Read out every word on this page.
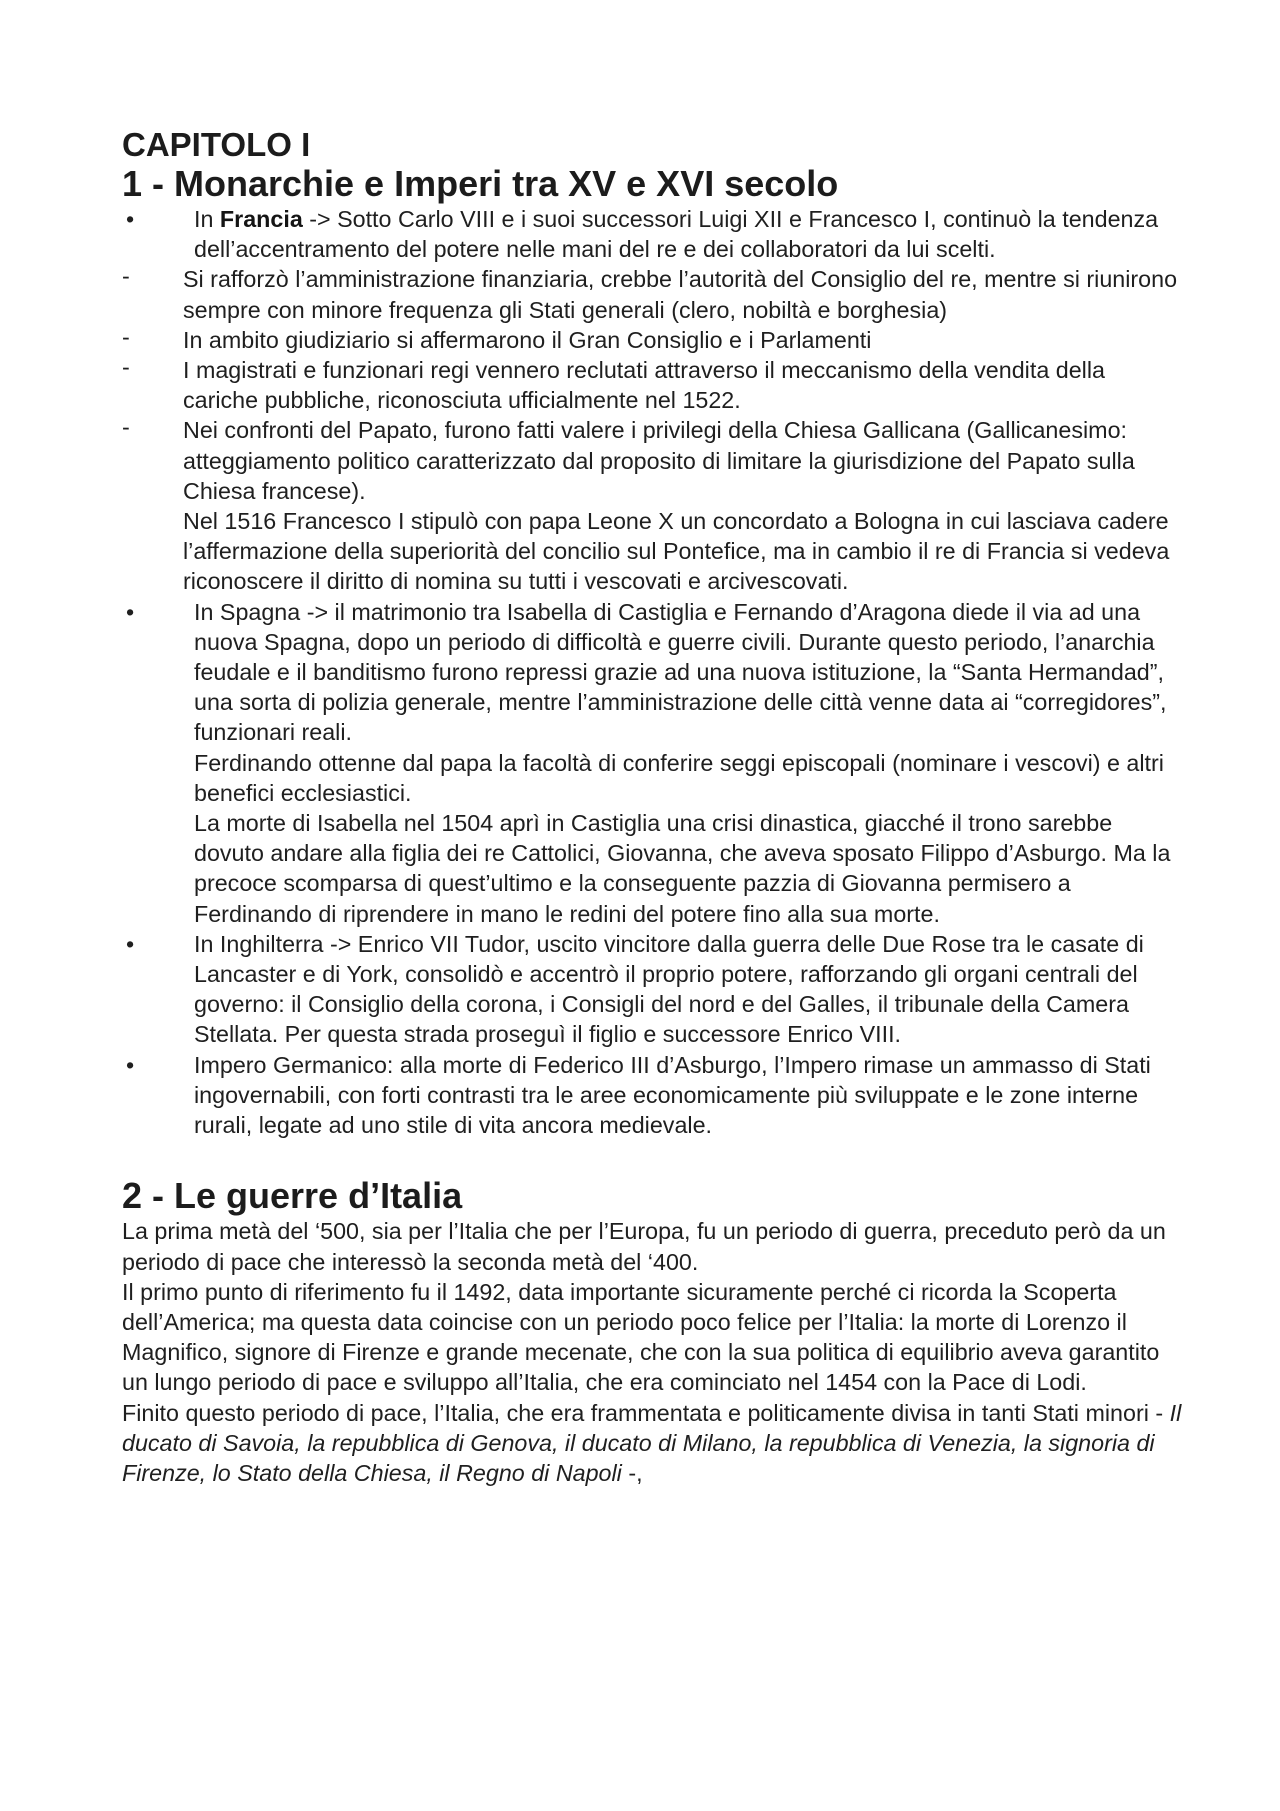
CAPITOLO I
1 - Monarchie e Imperi tra XV e XVI secolo
•	In Francia -> Sotto Carlo VIII e i suoi successori Luigi XII e Francesco I, continuò la tendenza dell’accentramento del potere nelle mani del re e dei collaboratori da lui scelti.
- Si rafforzò l’amministrazione finanziaria, crebbe l’autorità del Consiglio del re, mentre si riunirono sempre con minore frequenza gli Stati generali (clero, nobiltà e borghesia)
- In ambito giudiziario si affermarono il Gran Consiglio e i Parlamenti
- I magistrati e funzionari regi vennero reclutati attraverso il meccanismo della vendita della cariche pubbliche, riconosciuta ufficialmente nel 1522.
- Nei confronti del Papato, furono fatti valere i privilegi della Chiesa Gallicana (Gallicanesimo: atteggiamento politico caratterizzato dal proposito di limitare la giurisdizione del Papato sulla Chiesa francese).

Nel 1516 Francesco I stipulò con papa Leone X un concordato a Bologna in cui lasciava cadere l’affermazione della superiorità del concilio sul Pontefice, ma in cambio il re di Francia si vedeva riconoscere il diritto di nomina su tutti i vescovati e arcivescovati.

•	In Spagna -> il matrimonio tra Isabella di Castiglia e Fernando d’Aragona diede il via ad una nuova Spagna, dopo un periodo di difficoltà e guerre civili. Durante questo periodo, l’anarchia feudale e il banditismo furono repressi grazie ad una nuova istituzione, la “Santa Hermandad”, una sorta di polizia generale, mentre l’amministrazione delle città venne data ai “corregidores”, funzionari reali.

Ferdinando ottenne dal papa la facoltà di conferire seggi episcopali (nominare i vescovi) e altri benefici ecclesiastici.

La morte di Isabella nel 1504 aprì in Castiglia una crisi dinastica, giacché il trono sarebbe dovuto andare alla figlia dei re Cattolici, Giovanna, che aveva sposato Filippo d’Asburgo. Ma la precoce scomparsa di quest’ultimo e la conseguente pazzia di Giovanna permisero a Ferdinando di riprendere in mano le redini del potere fino alla sua morte.

•	In Inghilterra -> Enrico VII Tudor, uscito vincitore dalla guerra delle Due Rose tra le casate di Lancaster e di York, consolidò e accentrò il proprio potere, rafforzando gli organi centrali del governo: il Consiglio della corona, i Consigli del nord e del Galles, il tribunale della Camera Stellata. Per questa strada proseguì il figlio e successore Enrico VIII.
•	Impero Germanico: alla morte di Federico III d’Asburgo, l’Impero rimase un ammasso di Stati ingovernabili, con forti contrasti tra le aree economicamente più sviluppate e le zone interne rurali, legate ad uno stile di vita ancora medievale.
2 - Le guerre d’Italia

La prima metà del ‘500, sia per l’Italia che per l’Europa, fu un periodo di guerra, preceduto però da un periodo di pace che interessò la seconda metà del ‘400.

Il primo punto di riferimento fu il 1492, data importante sicuramente perché ci ricorda la Scoperta dell’America; ma questa data coincise con un periodo poco felice per l’Italia: la morte di Lorenzo il Magnifico, signore di Firenze e grande mecenate, che con la sua politica di equilibrio aveva garantito un lungo periodo di pace e sviluppo all’Italia, che era cominciato nel 1454 con la Pace di Lodi.

Finito questo periodo di pace, l’Italia, che era frammentata e politicamente divisa in tanti Stati minori - Il ducato di Savoia, la repubblica di Genova, il ducato di Milano, la repubblica di Venezia, la signoria di Firenze, lo Stato della Chiesa, il Regno di Napoli -,
